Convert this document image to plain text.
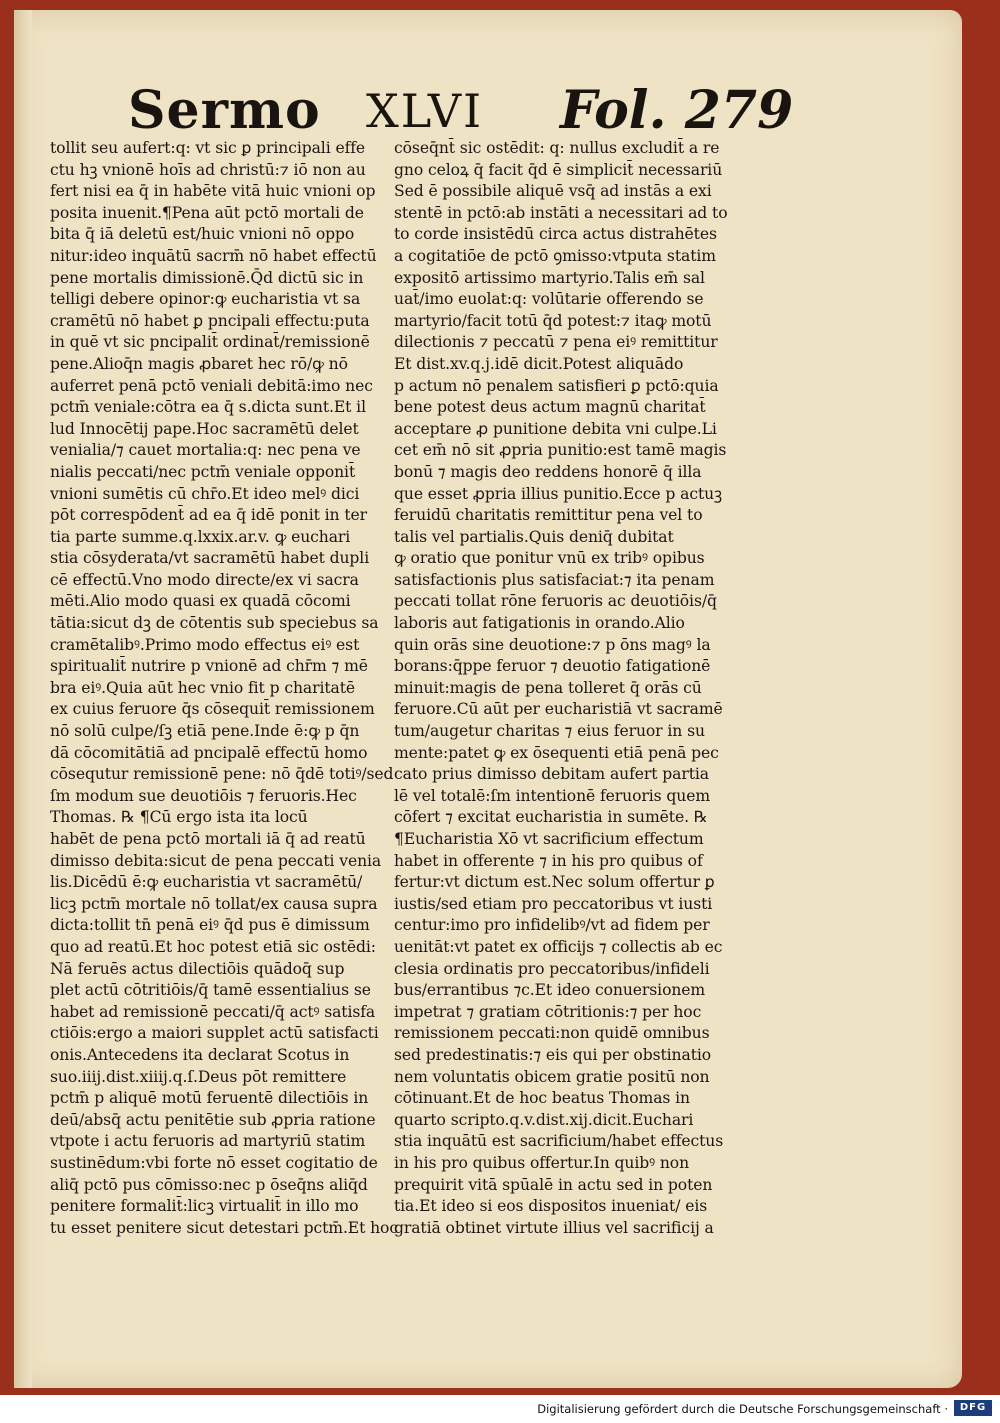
Sermo XLVI Fol. 279
tollit seu aufert:q: vt sic ꝑ principali effe
ctu hꝫ vnionē hoīs ad christū:⁊ iō non au
fert nisi ea q̄ in habēte vitā huic vnioni op
posita inuenit.¶Pena aūt pctō mortali de
bita q̄ iā deletū est/huic vnioni nō oppo
nitur:ideo inquātū sacrm̄ nō habet effectū
pene mortalis dimissionē.Q̄d dictū sic in
telligi debere opinor:ꝙ eucharistia vt sa
cramētū nō habet ꝑ pncipali effectu:puta
in quē vt sic pncipalit̄ ordinat̄/remissionē
pene.Alioq̄n magis ꝓbaret hec rō/ꝙ nō
auferret penā pctō veniali debitā:imo nec
pctm̄ veniale:cōtra ea q̄ s.dicta sunt.Et il
lud Innocētij pape.Hoc sacramētū delet
venialia/⁊ cauet mortalia:q: nec pena ve
nialis peccati/nec pctm̄ veniale opponit̄
vnioni sumētis cū chr̄o.Et ideo melꝰ dici
pōt correspōdent̄ ad ea q̄ idē ponit in ter
tia parte summe.q.lxxix.ar.v. ꝙ euchari
stia cōsyderata/vt sacramētū habet dupli
cē effectū.Vno modo directe/ex vi sacra
mēti.Alio modo quasi ex quadā cōcomi
tātia:sicut dꝫ de cōtentis sub speciebus sa
cramētalibꝰ.Primo modo effectus eiꝰ est
spiritualit̄ nutrire p vnionē ad chr̄m ⁊ mē
bra eiꝰ.Quia aūt hec vnio fit p charitatē
ex cuius feruore q̄s cōsequit̄ remissionem
nō solū culpe/ſꝫ etiā pene.Inde ē:ꝙ p q̄n
dā cōcomitātiā ad pncipalē effectū homo
cōsequtur remissionē pene: nō q̄dē totiꝰ/sed
ſm modum sue deuotiōis ⁊ feruoris.Hec
Thomas. ℞ ¶Cū ergo ista ita locū
habēt de pena pctō mortali iā q̄ ad reatū
dimisso debita:sicut de pena peccati venia
lis.Dicēdū ē:ꝙ eucharistia vt sacramētū/
licꝫ pctm̄ mortale nō tollat/ex causa supra
dicta:tollit tn̄ penā eiꝰ q̄d pus ē dimissum
quo ad reatū.Et hoc potest etiā sic ostēdi:
Nā feruēs actus dilectiōis quādoq̄ sup
plet actū cōtritiōis/q̄ tamē essentialius se
habet ad remissionē peccati/q̄ actꝰ satisfa
ctiōis:ergo a maiori supplet actū satisfacti
onis.Antecedens ita declarat Scotus in
suo.iiij.dist.xiiij.q.ſ.Deus pōt remittere
pctm̄ p aliquē motū feruentē dilectiōis in
deū/absq̄ actu penitētie sub ꝓpria ratione
vtpote i actu feruoris ad martyriū statim
sustinēdum:vbi forte nō esset cogitatio de
aliq̄ pctō pus cōmisso:nec p ōseq̄ns aliq̄d
penitere formalit̄:licꝫ virtualit̄ in illo mo
tu esset penitere sicut detestari pctm̄.Et hoc
cōseq̄nt̄ sic ostēdit: q: nullus excludit̄ a re
gno celoꝝ q̄ facit q̄d ē simplicit̄ necessariū
Sed ē possibile aliquē vsq̄ ad instās a exi
stentē in pctō:ab instāti a necessitari ad to
to corde insistēdū circa actus distrahētes
a cogitatiōe de pctō ꝯmisso:vtputa statim
expositō artissimo martyrio.Talis em̄ sal
uat̄/imo euolat:q: volūtarie offerendo se
martyrio/facit totū q̄d potest:⁊ itaꝙ motū
dilectionis ⁊ peccatū ⁊ pena eiꝰ remittitur
Et dist.xv.q.j.idē dicit.Potest aliquādo
p actum nō penalem satisfieri ꝑ pctō:quia
bene potest deus actum magnū charitat̄
acceptare ꝓ punitione debita vni culpe.Li
cet em̄ nō sit ꝓpria punitio:est tamē magis
bonū ⁊ magis deo reddens honorē q̄ illa
que esset ꝓpria illius punitio.Ecce p actuꝫ
feruidū charitatis remittitur pena vel to
talis vel partialis.Quis deniq̄ dubitat
ꝙ oratio que ponitur vnū ex tribꝰ opibus
satisfactionis plus satisfaciat:⁊ ita penam
peccati tollat rōne feruoris ac deuotiōis/q̄
laboris aut fatigationis in orando.Alio
quin orās sine deuotione:⁊ p ōns magꝰ la
borans:q̄ppe feruor ⁊ deuotio fatigationē
minuit:magis de pena tolleret q̄ orās cū
feruore.Cū aūt per eucharistiā vt sacramē
tum/augetur charitas ⁊ eius feruor in su
mente:patet ꝙ ex ōsequenti etiā penā pec
cato prius dimisso debitam aufert partia
lē vel totalē:ſm intentionē feruoris quem
cōfert ⁊ excitat eucharistia in sumēte. ℞
¶Eucharistia Xō vt sacrificium effectum
habet in offerente ⁊ in his pro quibus of
fertur:vt dictum est.Nec solum offertur ꝑ
iustis/sed etiam pro peccatoribus vt iusti
centur:imo pro infidelibꝰ/vt ad fidem per
uenitāt:vt patet ex officijs ⁊ collectis ab ec
clesia ordinatis pro peccatoribus/infideli
bus/errantibus ⁊c.Et ideo conuersionem
impetrat ⁊ gratiam cōtritionis:⁊ per hoc
remissionem peccati:non quidē omnibus
sed predestinatis:⁊ eis qui per obstinatio
nem voluntatis obicem gratie positū non
cōtinuant.Et de hoc beatus Thomas in
quarto scripto.q.v.dist.xij.dicit.Euchari
stia inquātū est sacrificium/habet effectus
in his pro quibus offertur.In quibꝰ non
prequirit vitā spūalē in actu sed in poten
tia.Et ideo si eos dispositos inueniat/ eis
gratiā obtinet virtute illius vel sacrificij a
Digitalisierung gefördert durch die Deutsche Forschungsgemeinschaft ·	DFG
